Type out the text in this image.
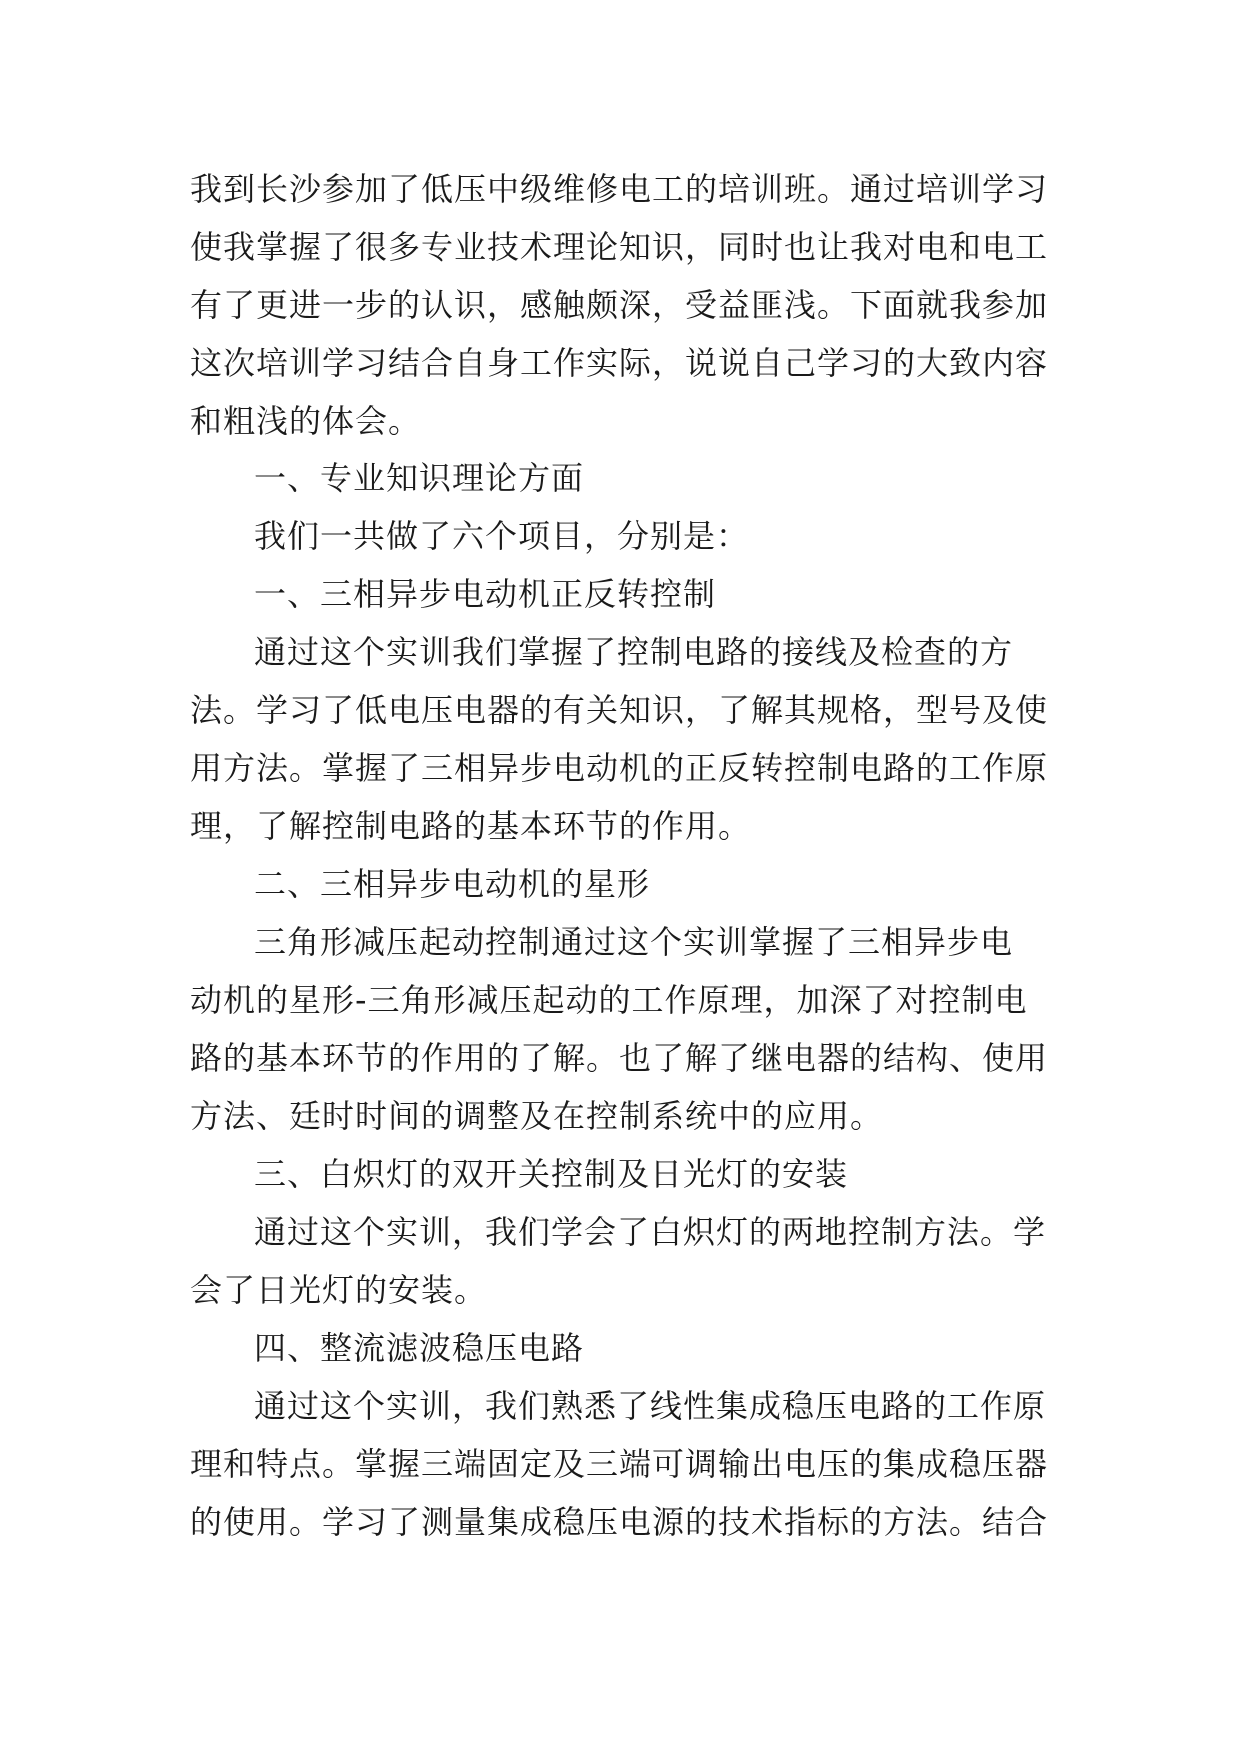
我到长沙参加了低压中级维修电工的培训班。通过培训学习
使我掌握了很多专业技术理论知识，同时也让我对电和电工
有了更进一步的认识，感触颇深，受益匪浅。下面就我参加
这次培训学习结合自身工作实际，说说自己学习的大致内容
和粗浅的体会。
一、专业知识理论方面
我们一共做了六个项目，分别是：
一、三相异步电动机正反转控制
通过这个实训我们掌握了控制电路的接线及检查的方
法。学习了低电压电器的有关知识，了解其规格，型号及使
用方法。掌握了三相异步电动机的正反转控制电路的工作原
理，了解控制电路的基本环节的作用。
二、三相异步电动机的星形
三角形减压起动控制通过这个实训掌握了三相异步电
动机的星形-三角形减压起动的工作原理，加深了对控制电
路的基本环节的作用的了解。也了解了继电器的结构、使用
方法、廷时时间的调整及在控制系统中的应用。
三、白炽灯的双开关控制及日光灯的安装
通过这个实训，我们学会了白炽灯的两地控制方法。学
会了日光灯的安装。
四、整流滤波稳压电路
通过这个实训，我们熟悉了线性集成稳压电路的工作原
理和特点。掌握三端固定及三端可调输出电压的集成稳压器
的使用。学习了测量集成稳压电源的技术指标的方法。结合
